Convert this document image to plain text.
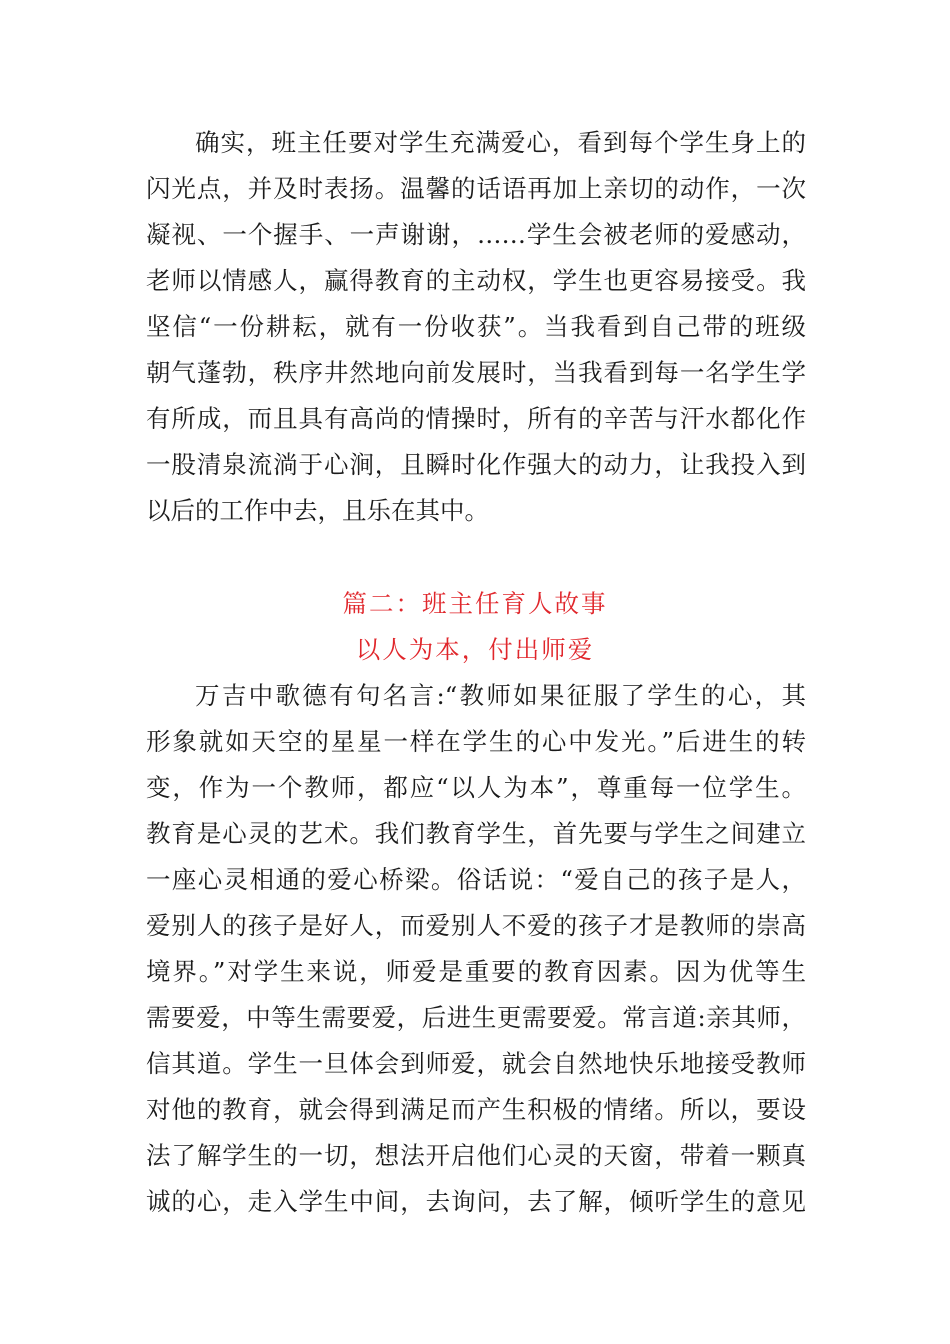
确实，班主任要对学生充满爱心，看到每个学生身上的
闪光点，并及时表扬。温馨的话语再加上亲切的动作，一次
凝视、一个握手、一声谢谢，……学生会被老师的爱感动，
老师以情感人，赢得教育的主动权，学生也更容易接受。我
坚信“一份耕耘，就有一份收获”。当我看到自己带的班级
朝气蓬勃，秩序井然地向前发展时，当我看到每一名学生学
有所成，而且具有高尚的情操时，所有的辛苦与汗水都化作
一股清泉流淌于心涧，且瞬时化作强大的动力，让我投入到
以后的工作中去，且乐在其中。
篇二：班主任育人故事
以人为本，付出师爱
万吉中歌德有句名言:“教师如果征服了学生的心，其
形象就如天空的星星一样在学生的心中发光。”后进生的转
变，作为一个教师，都应“以人为本”，尊重每一位学生。
教育是心灵的艺术。我们教育学生，首先要与学生之间建立
一座心灵相通的爱心桥梁。俗话说：“爱自己的孩子是人，
爱别人的孩子是好人，而爱别人不爱的孩子才是教师的崇高
境界。”对学生来说，师爱是重要的教育因素。因为优等生
需要爱，中等生需要爱，后进生更需要爱。常言道:亲其师，
信其道。学生一旦体会到师爱，就会自然地快乐地接受教师
对他的教育，就会得到满足而产生积极的情绪。所以，要设
法了解学生的一切，想法开启他们心灵的天窗，带着一颗真
诚的心，走入学生中间，去询问，去了解，倾听学生的意见
